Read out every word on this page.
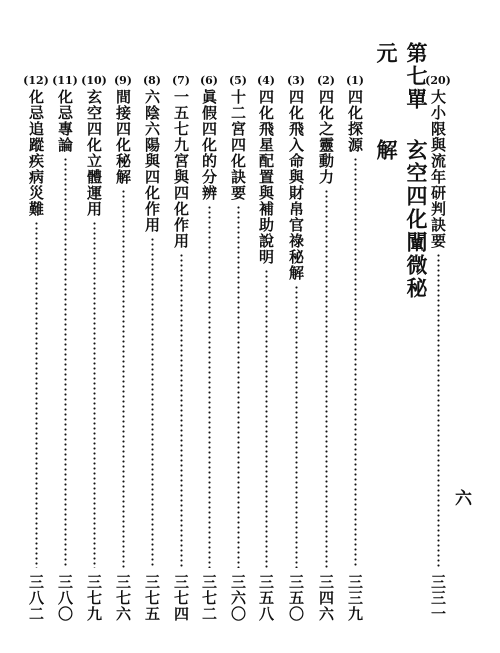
(20)
大小限與流年研判訣要
三三一
第七單元
玄空四化闡微秘解
(1)
四化探源
三三九
(2)
四化之靈動力
三四六
(3)
四化飛入命與財帛官祿秘解
三五〇
(4)
四化飛星配置與補助說明
三五八
(5)
十二宮四化訣要
三六〇
(6)
眞假四化的分辨
三七二
(7)
一五七九宮與四化作用
三七四
(8)
六陰六陽與四化作用
三七五
(9)
間接四化秘解
三七六
(10)
玄空四化立體運用
三七九
(11)
化忌專論
三八〇
(12)
化忌追蹤疾病災難
三八二
六
